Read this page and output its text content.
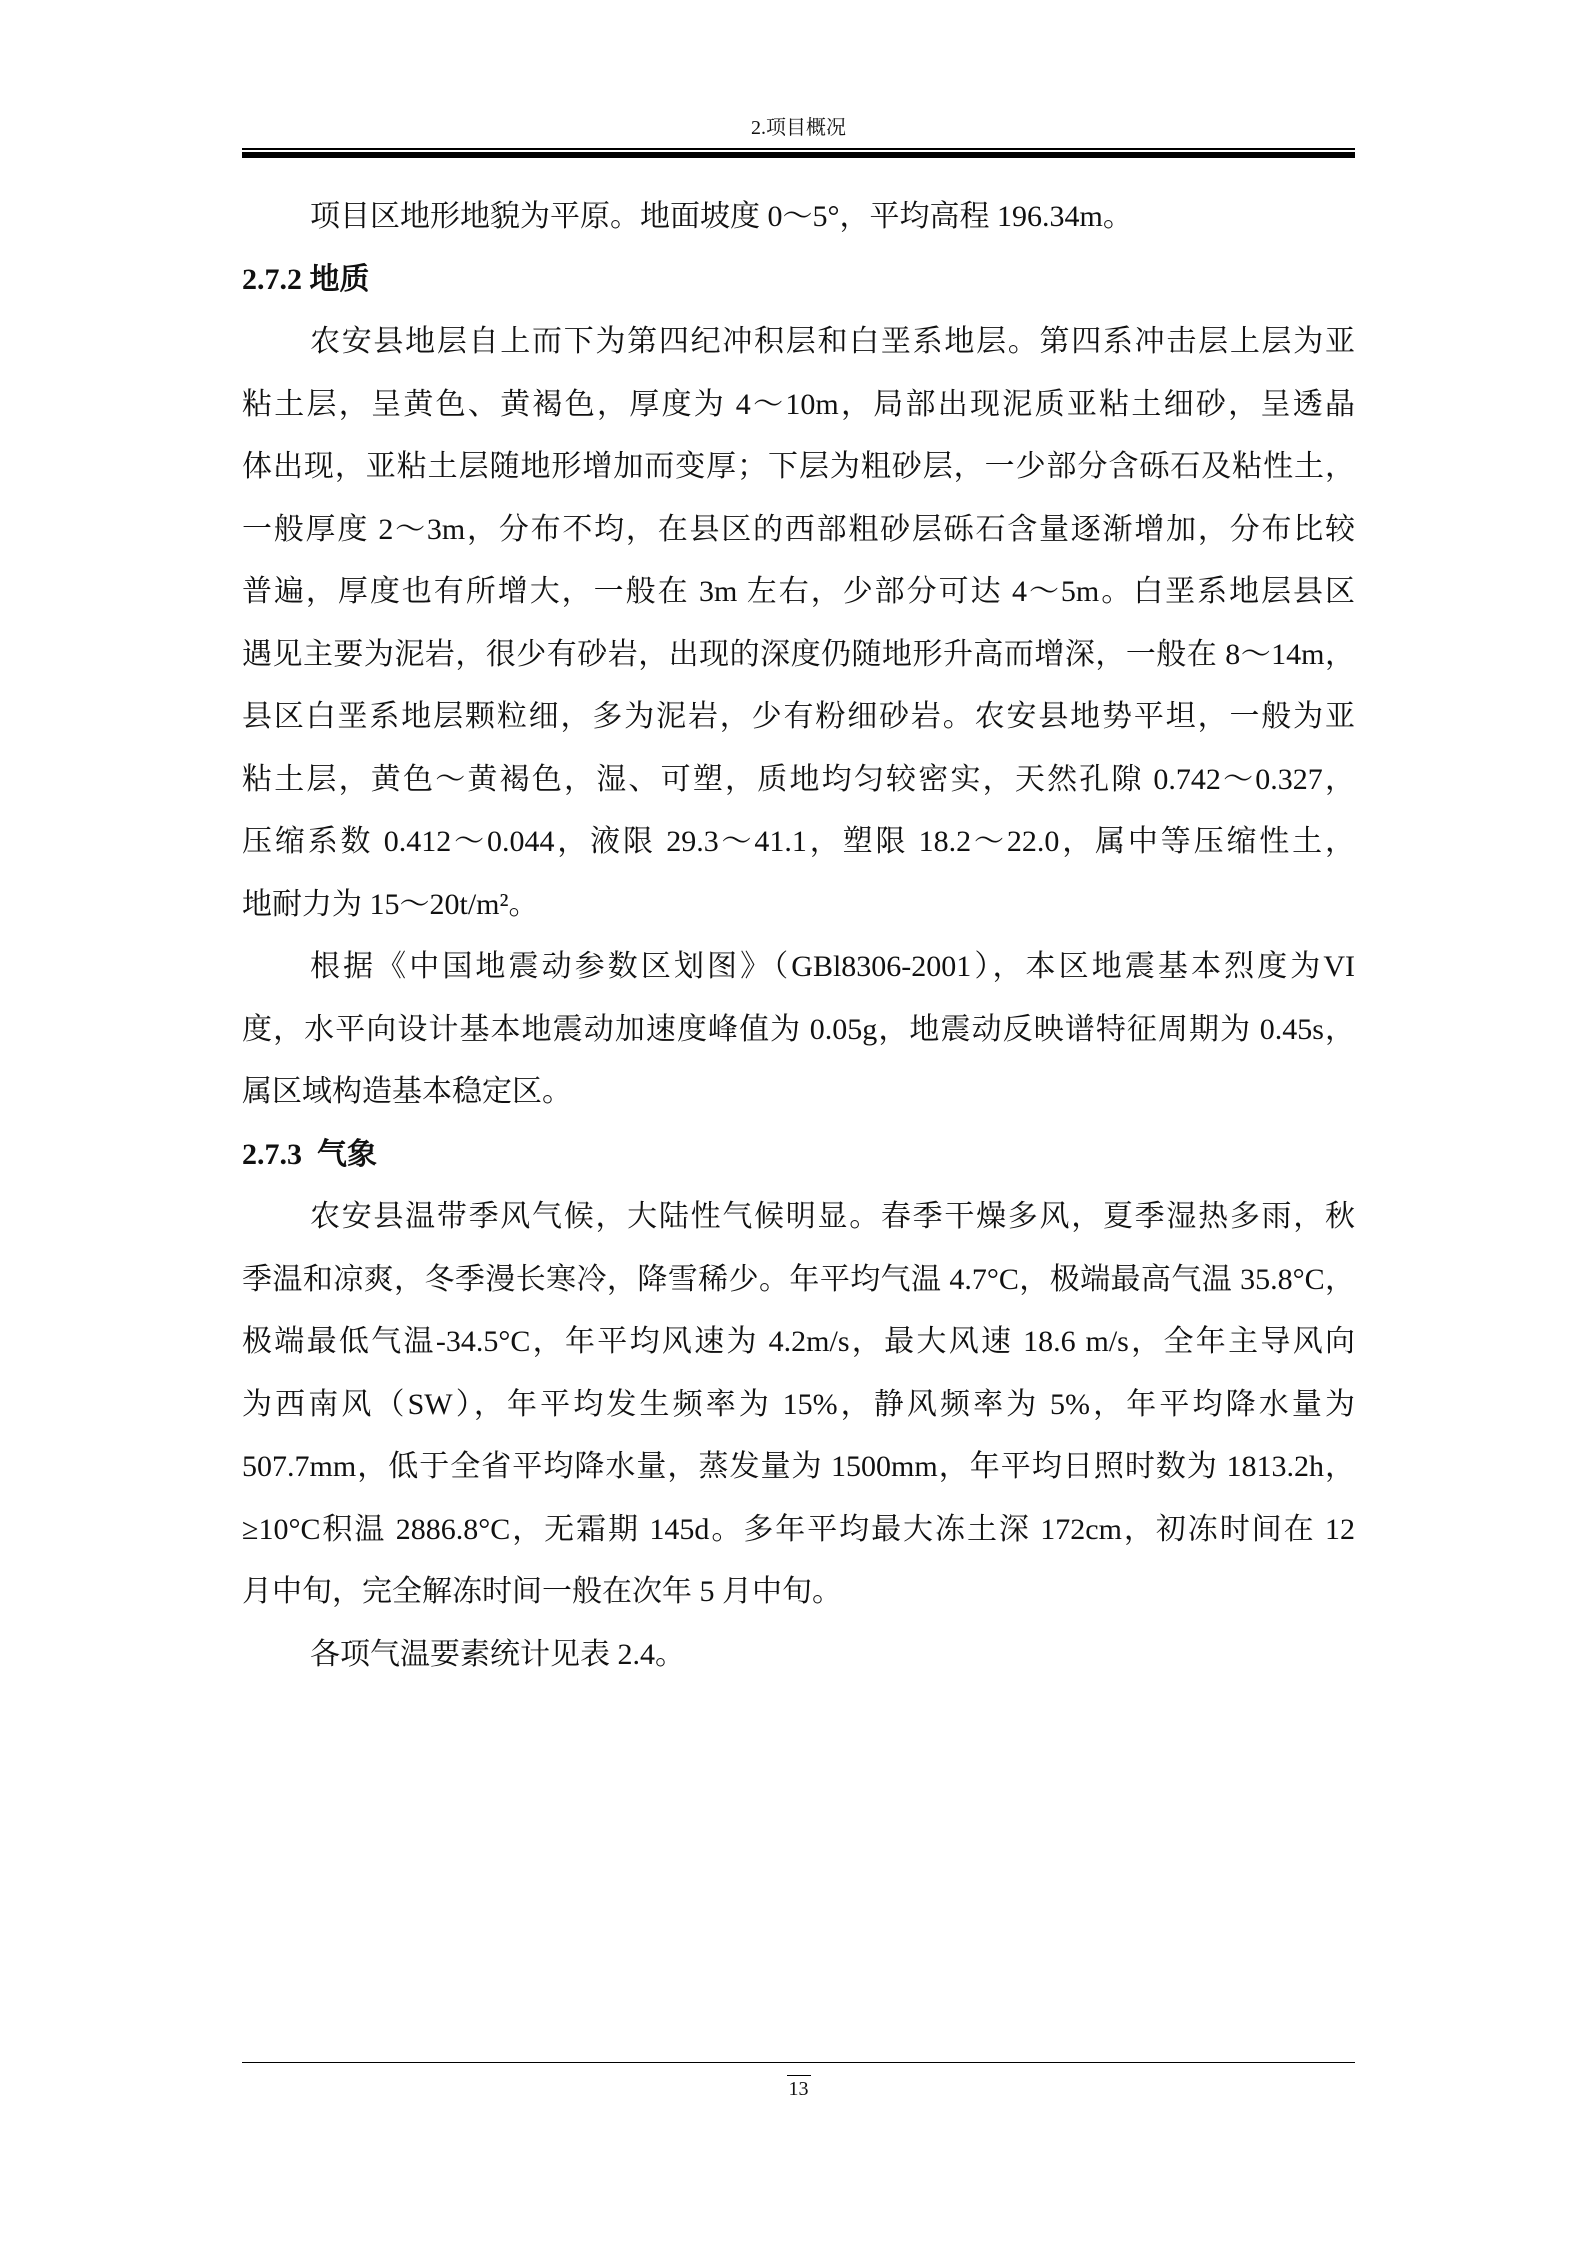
2.项目概况
项目区地形地貌为平原。地面坡度 0～5°，平均高程 196.34m。
2.7.2 地质
农安县地层自上而下为第四纪冲积层和白垩系地层。第四系冲击层上层为亚
粘土层，呈黄色、黄褐色，厚度为 4～10m，局部出现泥质亚粘土细砂，呈透晶
体出现，亚粘土层随地形增加而变厚；下层为粗砂层，一少部分含砾石及粘性土，
一般厚度 2～3m，分布不均，在县区的西部粗砂层砾石含量逐渐增加，分布比较
普遍，厚度也有所增大，一般在 3m 左右，少部分可达 4～5m。白垩系地层县区
遇见主要为泥岩，很少有砂岩，出现的深度仍随地形升高而增深，一般在 8～14m，
县区白垩系地层颗粒细，多为泥岩，少有粉细砂岩。农安县地势平坦，一般为亚
粘土层，黄色～黄褐色，湿、可塑，质地均匀较密实，天然孔隙 0.742～0.327，
压缩系数 0.412～0.044，液限 29.3～41.1，塑限 18.2～22.0，属中等压缩性土，
地耐力为 15～20t/m²。
根据《中国地震动参数区划图》（GBl8306-2001），本区地震基本烈度为VI
度，水平向设计基本地震动加速度峰值为 0.05g，地震动反映谱特征周期为 0.45s，
属区域构造基本稳定区。
2.7.3  气象
农安县温带季风气候，大陆性气候明显。春季干燥多风，夏季湿热多雨，秋
季温和凉爽，冬季漫长寒冷，降雪稀少。年平均气温 4.7°C，极端最高气温 35.8°C，
极端最低气温-34.5°C，年平均风速为 4.2m/s，最大风速 18.6 m/s，全年主导风向
为西南风（SW），年平均发生频率为 15%，静风频率为 5%，年平均降水量为
507.7mm，低于全省平均降水量，蒸发量为 1500mm，年平均日照时数为 1813.2h，
≥10°C积温 2886.8°C，无霜期 145d。多年平均最大冻土深 172cm，初冻时间在 12
月中旬，完全解冻时间一般在次年 5 月中旬。
各项气温要素统计见表 2.4。
13
